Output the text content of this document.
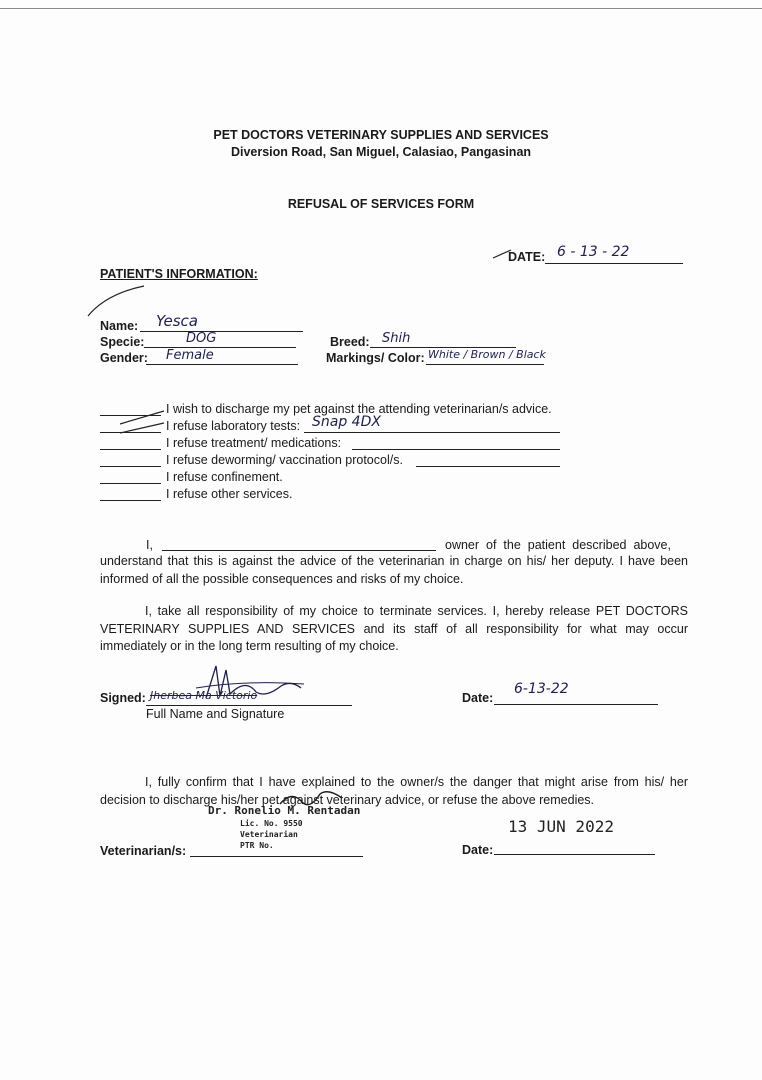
PET DOCTORS VETERINARY SUPPLIES AND SERVICES
Diversion Road, San Miguel, Calasiao, Pangasinan
REFUSAL OF SERVICES FORM
DATE: 6 - 13 - 22
PATIENT'S INFORMATION:
Name: Yesca
Specie:	DOG
Gender: Female
Breed: Shih
Markings/ Color: White / Brown / Black
I wish to discharge my pet against the attending veterinarian/s advice.
I refuse laboratory tests: Snap 4DX
I refuse treatment/ medications:
I refuse deworming/ vaccination protocol/s.
I refuse confinement.
I refuse other services.
I,	owner of the patient described above,
understand that this is against the advice of the veterinarian in charge on his/ her deputy. I have been informed of all the possible consequences and risks of my choice.
I, take all responsibility of my choice to terminate services. I, hereby release PET DOCTORS VETERINARY SUPPLIES AND SERVICES and its staff of all responsibility for what may occur immediately or in the long term resulting of my choice.
Signed: Jherbea Ma Victorio
Full Name and Signature
Date:
6-13-22
I, fully confirm that I have explained to the owner/s the danger that might arise from his/ her decision to discharge his/her pet against veterinary advice, or refuse the above remedies.
Dr. Ronelio M. Rentadan
Lic. No. 9550
Veterinarian
PTR No.
Veterinarian/s:
13 JUN 2022
Date:
